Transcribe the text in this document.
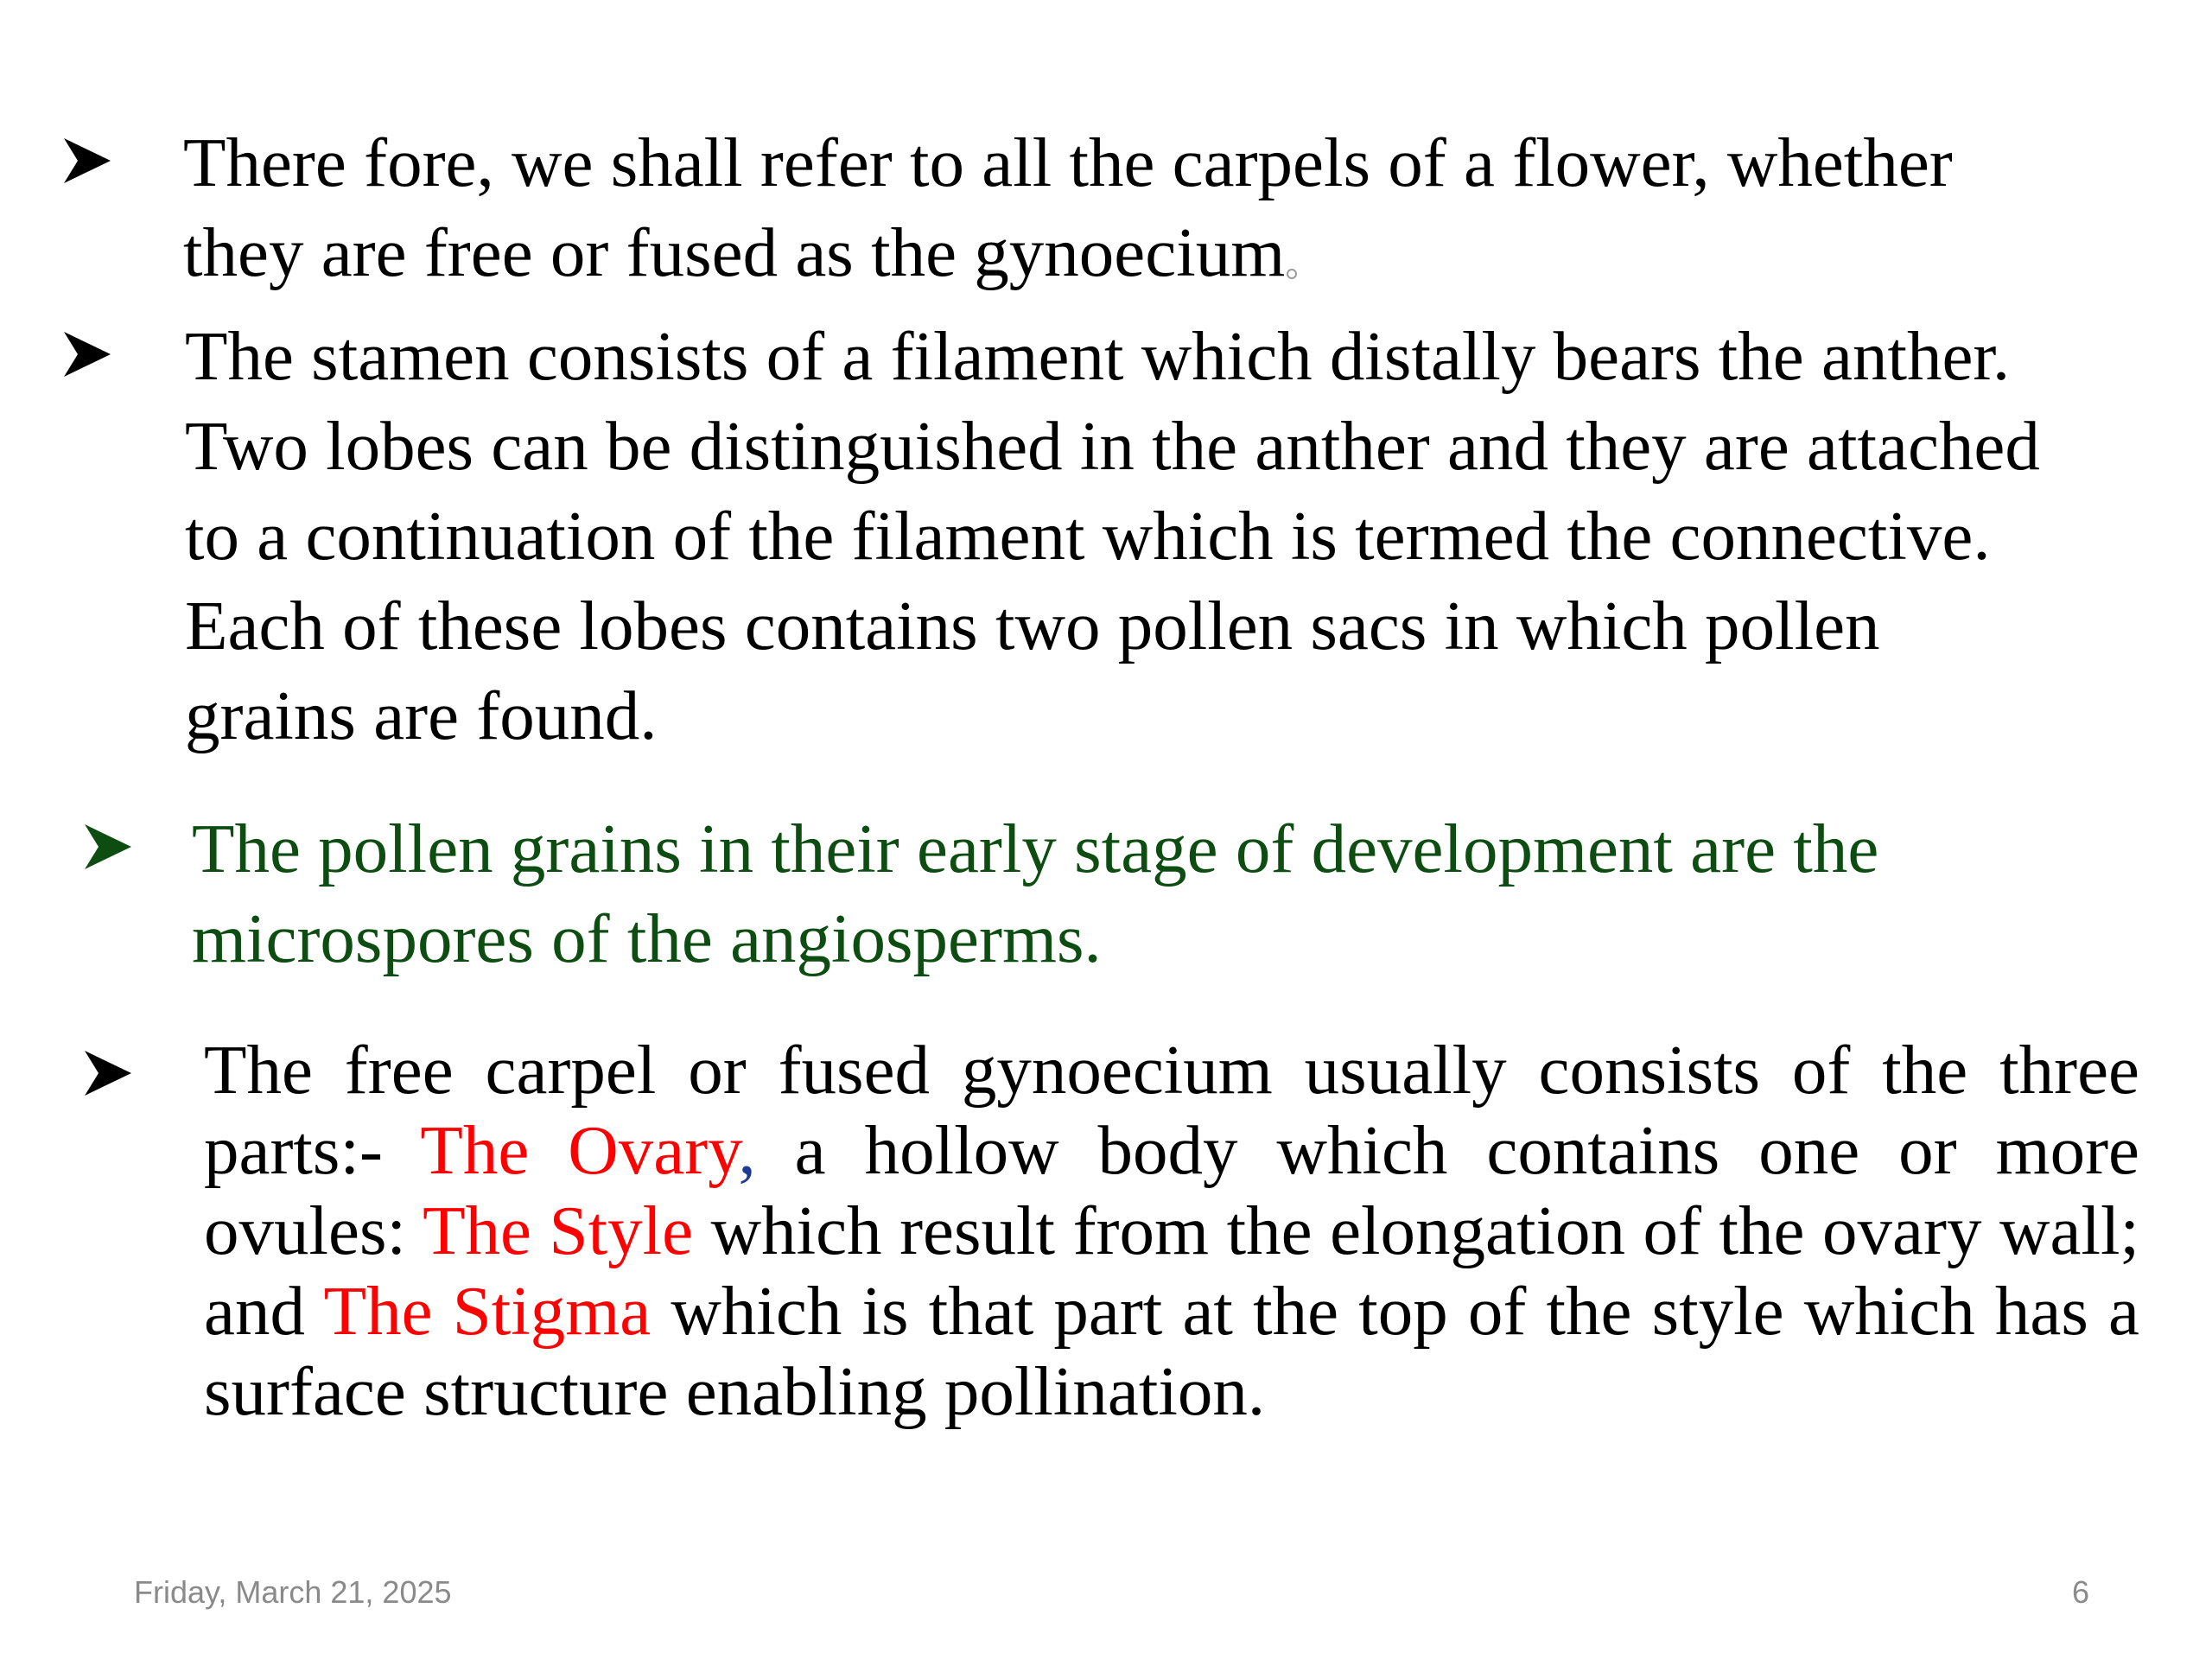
There fore, we shall refer to all the carpels of a flower, whether
they are free or fused as the gynoecium

The stamen consists of a filament which distally bears the anther.
Two lobes can be distinguished in the anther and they are attached
to a continuation of the filament which is termed the connective.
Each of these lobes contains two pollen sacs in which pollen
grains are found.

The pollen grains in their early stage of development are the
microspores of the angiosperms.

The free carpel or fused gynoecium usually consists of the three parts:- The Ovary, a hollow body which contains one or more ovules: The Style which result from the elongation of the ovary wall; and The Stigma which is that part at the top of the style which has a surface structure enabling pollination.

Friday, March 21, 2025	6
